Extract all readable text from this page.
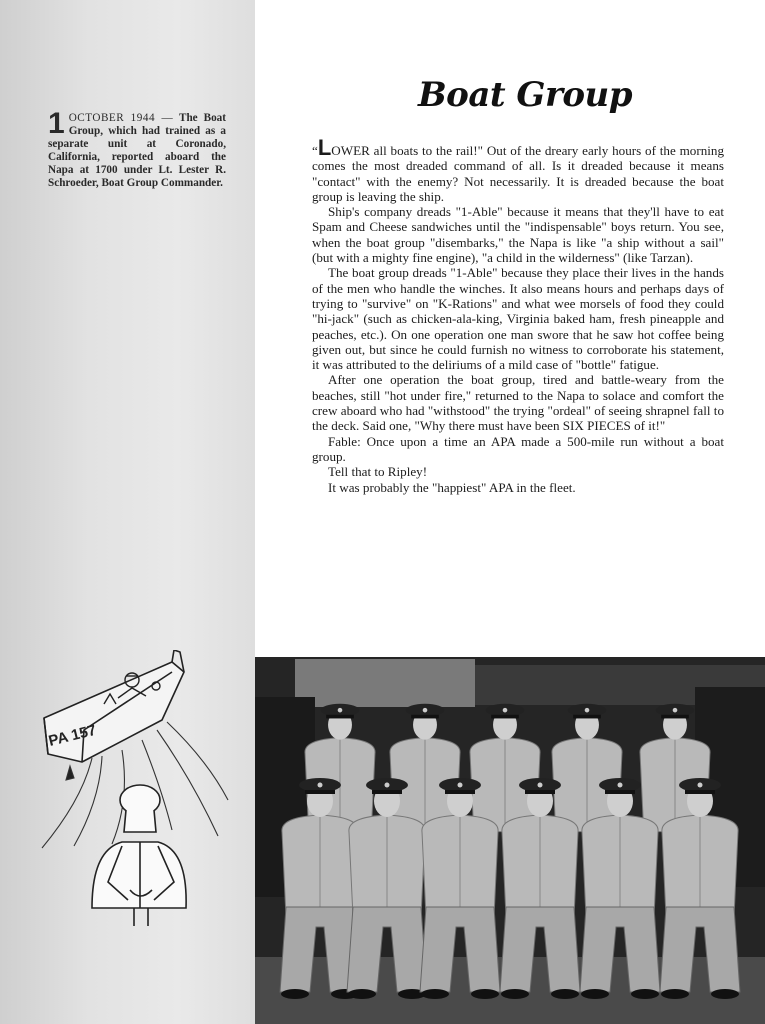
1 OCTOBER 1944 — The Boat Group, which had trained as a separate unit at Coronado, California, reported aboard the Napa at 1700 under Lt. Lester R. Schroeder, Boat Group Commander.
PA 157
Boat Group

“LOWER all boats to the rail!" Out of the dreary early hours of the morning comes the most dreaded command of all. Is it dreaded because it means "contact" with the enemy? Not necessarily. It is dreaded because the boat group is leaving the ship.

Ship's company dreads "1-Able" because it means that they'll have to eat Spam and Cheese sandwiches until the "indispensable" boys return. You see, when the boat group "disembarks," the Napa is like "a ship without a sail" (but with a mighty fine engine), "a child in the wilderness" (like Tarzan).

The boat group dreads "1-Able" because they place their lives in the hands of the men who handle the winches. It also means hours and perhaps days of trying to "survive" on "K-Rations" and what wee morsels of food they could "hi-jack" (such as chicken-ala-king, Virginia baked ham, fresh pineapple and peaches, etc.). On one operation one man swore that he saw hot coffee being given out, but since he could furnish no witness to corroborate his statement, it was attributed to the deliriums of a mild case of "bottle" fatigue.

After one operation the boat group, tired and battle-weary from the beaches, still "hot under fire," returned to the Napa to solace and comfort the crew aboard who had "withstood" the trying "ordeal" of seeing shrapnel fall to the deck. Said one, "Why there must have been SIX PIECES of it!"

Fable: Once upon a time an APA made a 500-mile run without a boat group.

Tell that to Ripley!

It was probably the "happiest" APA in the fleet.
